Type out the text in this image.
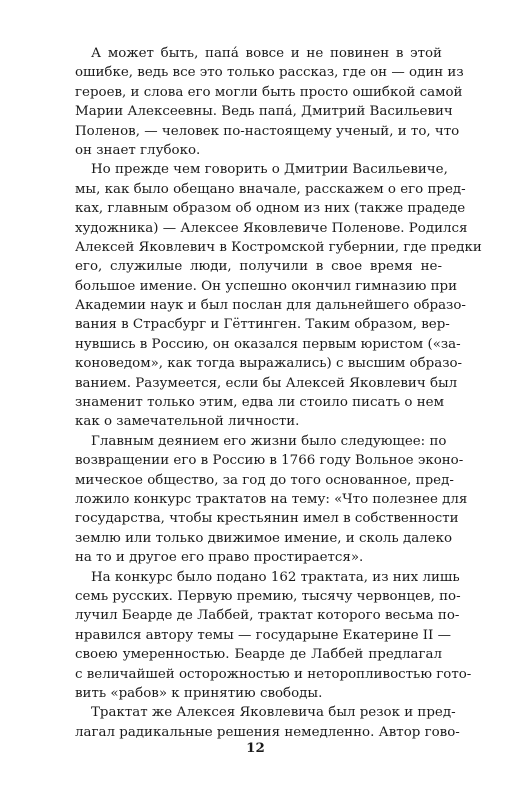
А может быть, папа́ вовсе и не повинен в этой
ошибке, ведь все это только рассказ, где он — один из
героев, и слова его могли быть просто ошибкой самой
Марии Алексеевны. Ведь папа́, Дмитрий Васильевич
Поленов, — человек по-настоящему ученый, и то, что
он знает глубоко.
Но прежде чем говорить о Дмитрии Васильевиче,
мы, как было обещано вначале, расскажем о его пред-
ках, главным образом об одном из них (также прадеде
художника) — Алексее Яковлевиче Поленове. Родился
Алексей Яковлевич в Костромской губернии, где предки
его, служилые люди, получили в свое время не-
большое имение. Он успешно окончил гимназию при
Академии наук и был послан для дальнейшего образо-
вания в Страсбург и Гёттинген. Таким образом, вер-
нувшись в Россию, он оказался первым юристом («за-
коноведом», как тогда выражались) с высшим образо-
ванием. Разумеется, если бы Алексей Яковлевич был
знаменит только этим, едва ли стоило писать о нем
как о замечательной личности.
Главным деянием его жизни было следующее: по
возвращении его в Россию в 1766 году Вольное эконо-
мическое общество, за год до того основанное, пред-
ложило конкурс трактатов на тему: «Что полезнее для
государства, чтобы крестьянин имел в собственности
землю или только движимое имение, и сколь далеко
на то и другое его право простирается».
На конкурс было подано 162 трактата, из них лишь
семь русских. Первую премию, тысячу червонцев, по-
лучил Беарде де Лаббей, трактат которого весьма по-
нравился автору темы — государыне Екатерине II —
своею умеренностью. Беарде де Лаббей предлагал
с величайшей осторожностью и неторопливостью гото-
вить «рабов» к принятию свободы.
Трактат же Алексея Яковлевича был резок и пред-
лагал радикальные решения немедленно. Автор гово-
12
